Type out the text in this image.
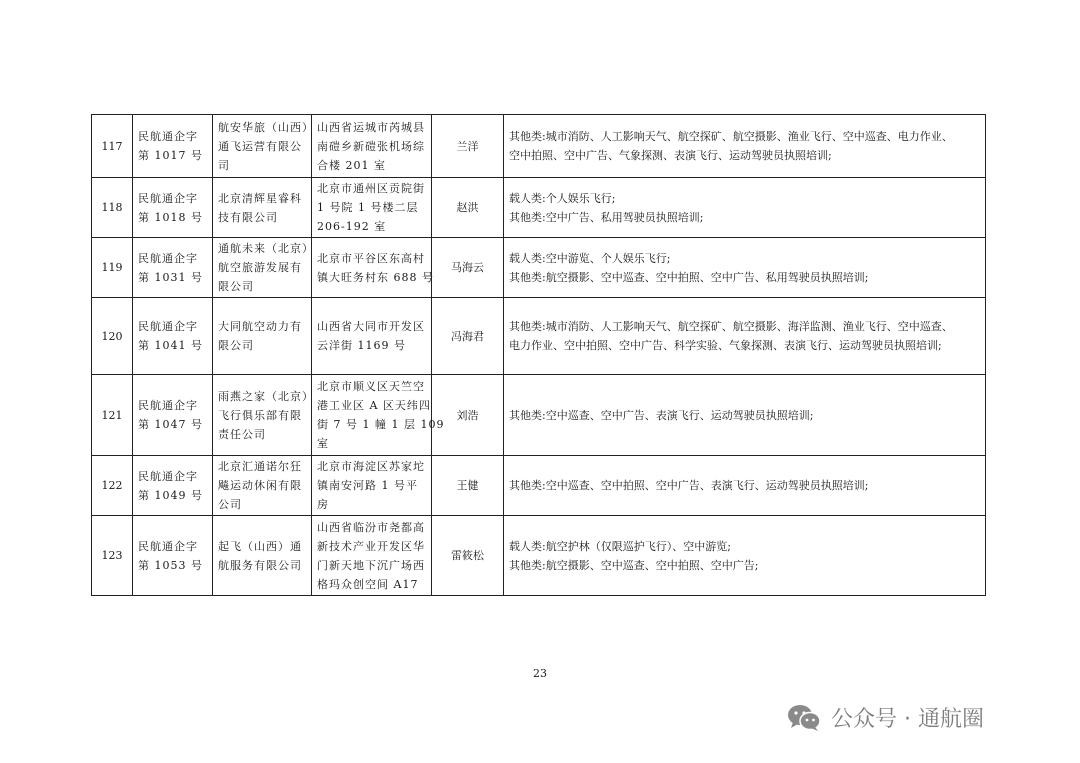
117	民航通企字
第 1017 号	航安华旅（山西）
通飞运营有限公
司	山西省运城市芮城县
南磑乡新磑张机场综
合楼 201 室	兰洋	其他类:城市消防、人工影响天气、航空探矿、航空摄影、渔业飞行、空中巡查、电力作业、
空中拍照、空中广告、气象探测、表演飞行、运动驾驶员执照培训;

118	民航通企字
第 1018 号	北京清辉星睿科
技有限公司	北京市通州区贡院街
1 号院 1 号楼二层
206-192 室	赵洪	载人类:个人娱乐飞行;
其他类:空中广告、私用驾驶员执照培训;

119	民航通企字
第 1031 号	通航未来（北京）
航空旅游发展有
限公司	北京市平谷区东高村
镇大旺务村东 688 号	马海云	载人类:空中游览、个人娱乐飞行;
其他类:航空摄影、空中巡查、空中拍照、空中广告、私用驾驶员执照培训;

120	民航通企字
第 1041 号	大同航空动力有
限公司	山西省大同市开发区
云洋街 1169 号	冯海君	其他类:城市消防、人工影响天气、航空探矿、航空摄影、海洋监测、渔业飞行、空中巡查、
电力作业、空中拍照、空中广告、科学实验、气象探测、表演飞行、运动驾驶员执照培训;

121	民航通企字
第 1047 号	雨燕之家（北京）
飞行俱乐部有限
责任公司	北京市顺义区天竺空
港工业区 A 区天纬四
街 7 号 1 幢 1 层 109
室	刘浩	其他类:空中巡查、空中广告、表演飞行、运动驾驶员执照培训;

122	民航通企字
第 1049 号	北京汇通诺尔狂
飚运动休闲有限
公司	北京市海淀区苏家坨
镇南安河路 1 号平
房	王健	其他类:空中巡查、空中拍照、空中广告、表演飞行、运动驾驶员执照培训;

123	民航通企字
第 1053 号	起飞（山西）通
航服务有限公司	山西省临汾市尧都高
新技术产业开发区华
门新天地下沉广场西
格玛众创空间 A17	雷筱松	载人类:航空护林（仅限巡护飞行）、空中游览;
其他类:航空摄影、空中巡查、空中拍照、空中广告;
23
公众号 · 通航圈
